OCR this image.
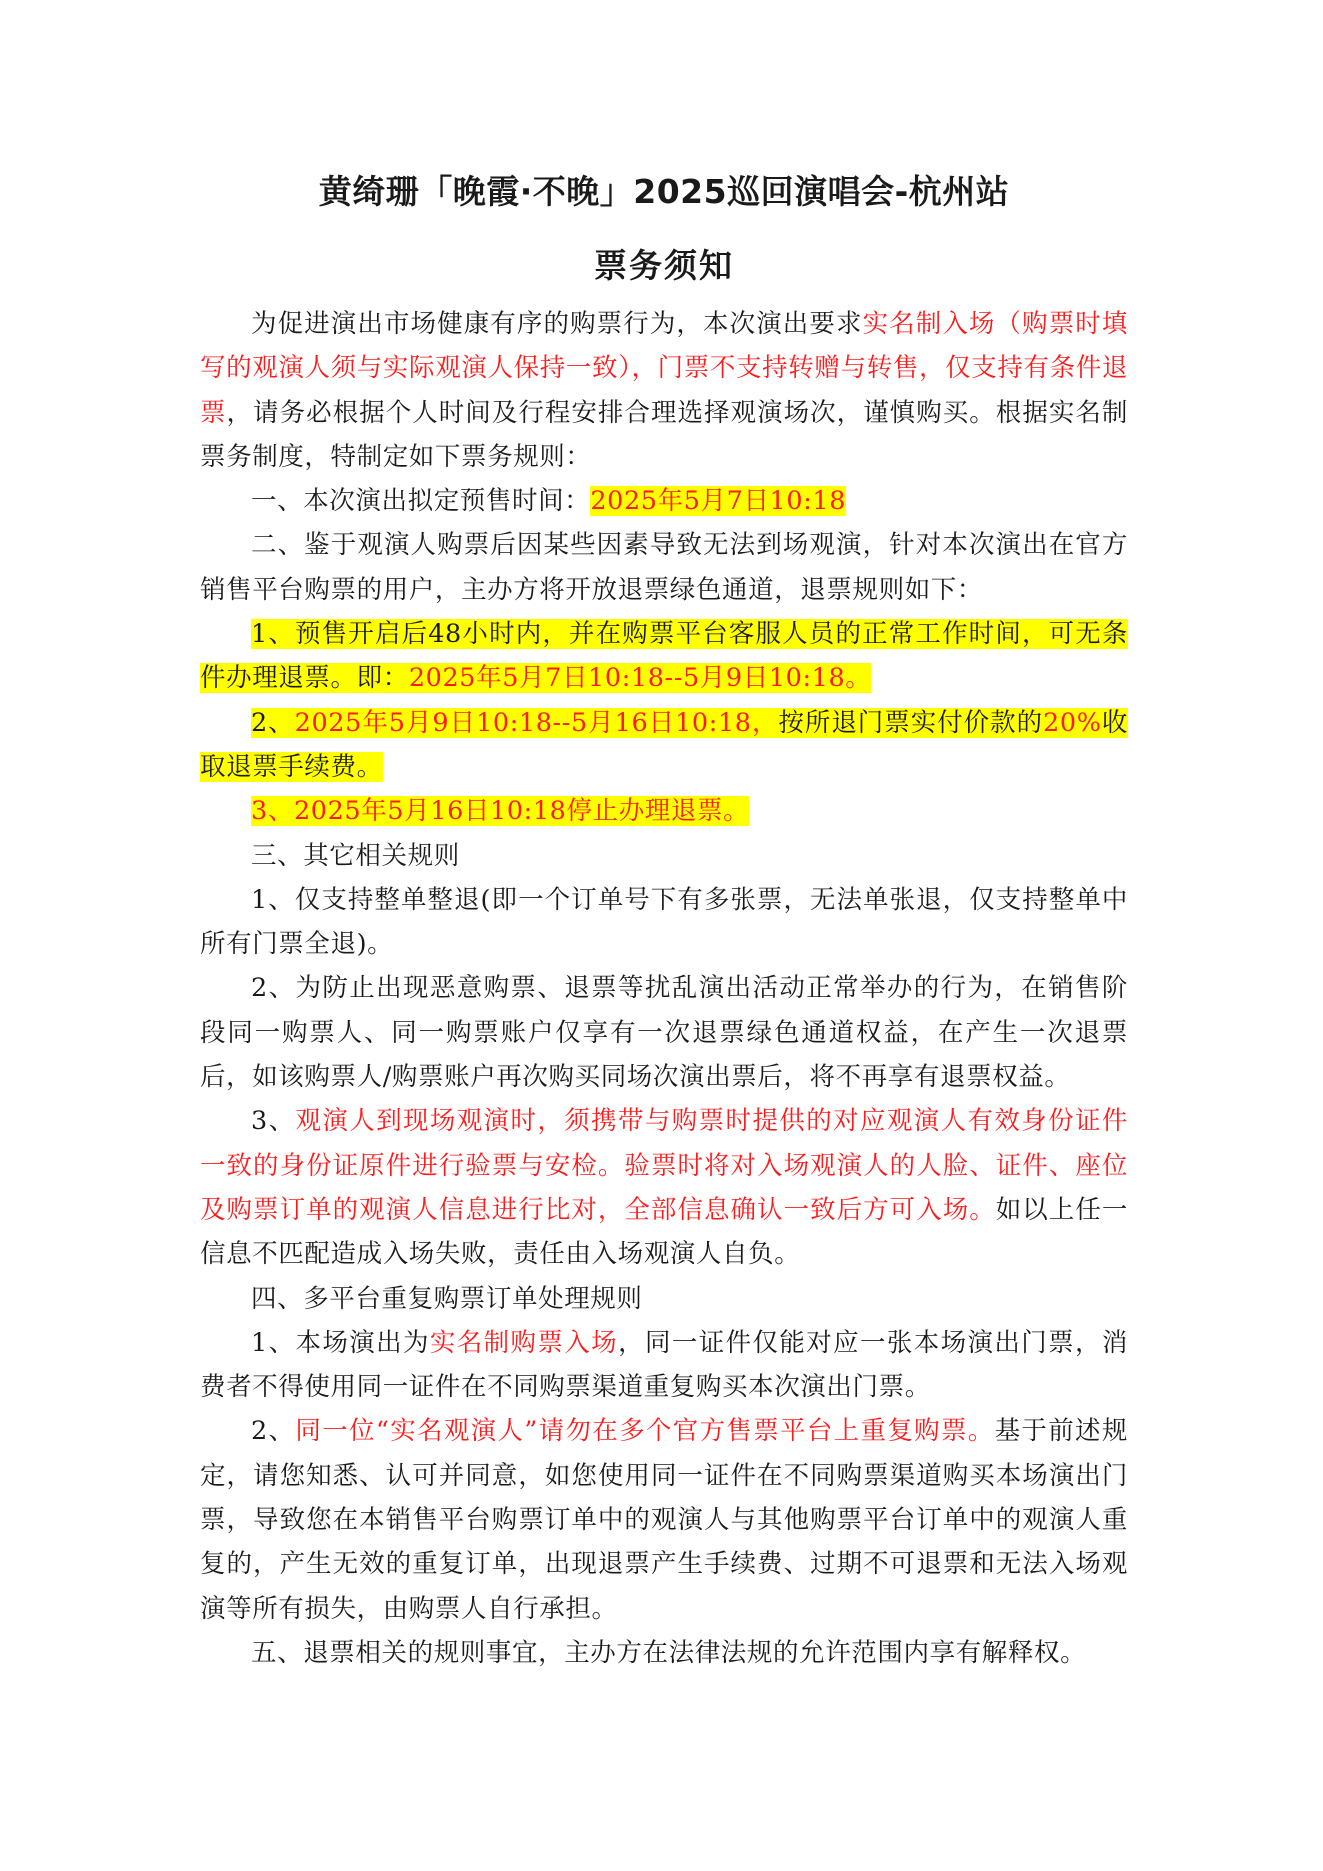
黄绮珊「晚霞·不晚」2025巡回演唱会-杭州站
票务须知

为促进演出市场健康有序的购票行为，本次演出要求实名制入场（购票时填写的观演人须与实际观演人保持一致），门票不支持转赠与转售，仅支持有条件退票，请务必根据个人时间及行程安排合理选择观演场次，谨慎购买。根据实名制票务制度，特制定如下票务规则：

一、本次演出拟定预售时间：2025年5月7日10:18

二、鉴于观演人购票后因某些因素导致无法到场观演，针对本次演出在官方销售平台购票的用户，主办方将开放退票绿色通道，退票规则如下：

1、预售开启后48小时内，并在购票平台客服人员的正常工作时间，可无条件办理退票。即：2025年5月7日10:18--5月9日10:18。

2、2025年5月9日10:18--5月16日10:18，按所退门票实付价款的20%收取退票手续费。

3、2025年5月16日10:18停止办理退票。

三、其它相关规则

1、仅支持整单整退(即一个订单号下有多张票，无法单张退，仅支持整单中所有门票全退)。

2、为防止出现恶意购票、退票等扰乱演出活动正常举办的行为，在销售阶段同一购票人、同一购票账户仅享有一次退票绿色通道权益，在产生一次退票后，如该购票人/购票账户再次购买同场次演出票后，将不再享有退票权益。

3、观演人到现场观演时，须携带与购票时提供的对应观演人有效身份证件一致的身份证原件进行验票与安检。验票时将对入场观演人的人脸、证件、座位及购票订单的观演人信息进行比对，全部信息确认一致后方可入场。如以上任一信息不匹配造成入场失败，责任由入场观演人自负。

四、多平台重复购票订单处理规则

1、本场演出为实名制购票入场，同一证件仅能对应一张本场演出门票，消费者不得使用同一证件在不同购票渠道重复购买本次演出门票。

2、同一位“实名观演人”请勿在多个官方售票平台上重复购票。基于前述规定，请您知悉、认可并同意，如您使用同一证件在不同购票渠道购买本场演出门票，导致您在本销售平台购票订单中的观演人与其他购票平台订单中的观演人重复的，产生无效的重复订单，出现退票产生手续费、过期不可退票和无法入场观演等所有损失，由购票人自行承担。

五、退票相关的规则事宜，主办方在法律法规的允许范围内享有解释权。
